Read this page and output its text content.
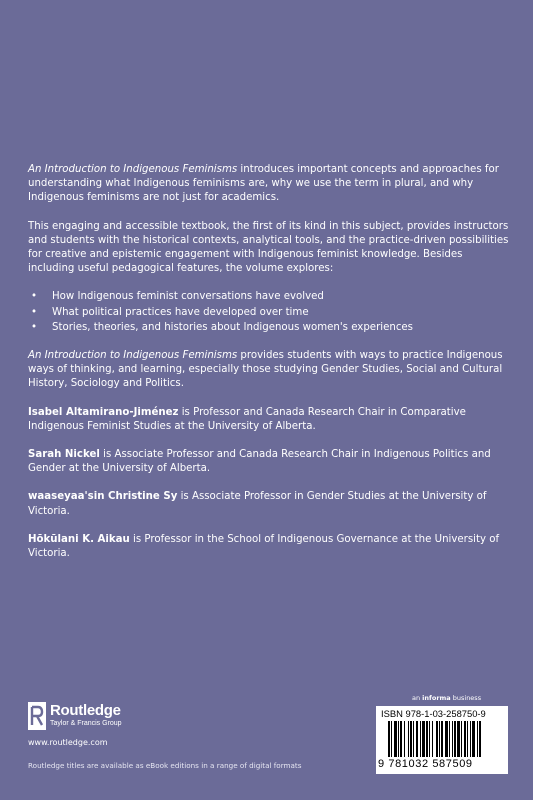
An Introduction to Indigenous Feminisms introduces important concepts and approaches for understanding what Indigenous feminisms are, why we use the term in plural, and why Indigenous feminisms are not just for academics.

This engaging and accessible textbook, the first of its kind in this subject, provides instructors and students with the historical contexts, analytical tools, and the practice-driven possibilities for creative and epistemic engagement with Indigenous feminist knowledge. Besides including useful pedagogical features, the volume explores:

• How Indigenous feminist conversations have evolved
• What political practices have developed over time
• Stories, theories, and histories about Indigenous women's experiences

An Introduction to Indigenous Feminisms provides students with ways to practice Indigenous ways of thinking, and learning, especially those studying Gender Studies, Social and Cultural History, Sociology and Politics.

Isabel Altamirano-Jiménez is Professor and Canada Research Chair in Comparative Indigenous Feminist Studies at the University of Alberta.

Sarah Nickel is Associate Professor and Canada Research Chair in Indigenous Politics and Gender at the University of Alberta.

waaseyaa'sin Christine Sy is Associate Professor in Gender Studies at the University of Victoria.

Hōkūlani K. Aikau is Professor in the School of Indigenous Governance at the University of Victoria.

Routledge
Taylor & Francis Group
www.routledge.com
Routledge titles are available as eBook editions in a range of digital formats
an informa business
ISBN 978-1-03-258750-9
9 781032 587509
